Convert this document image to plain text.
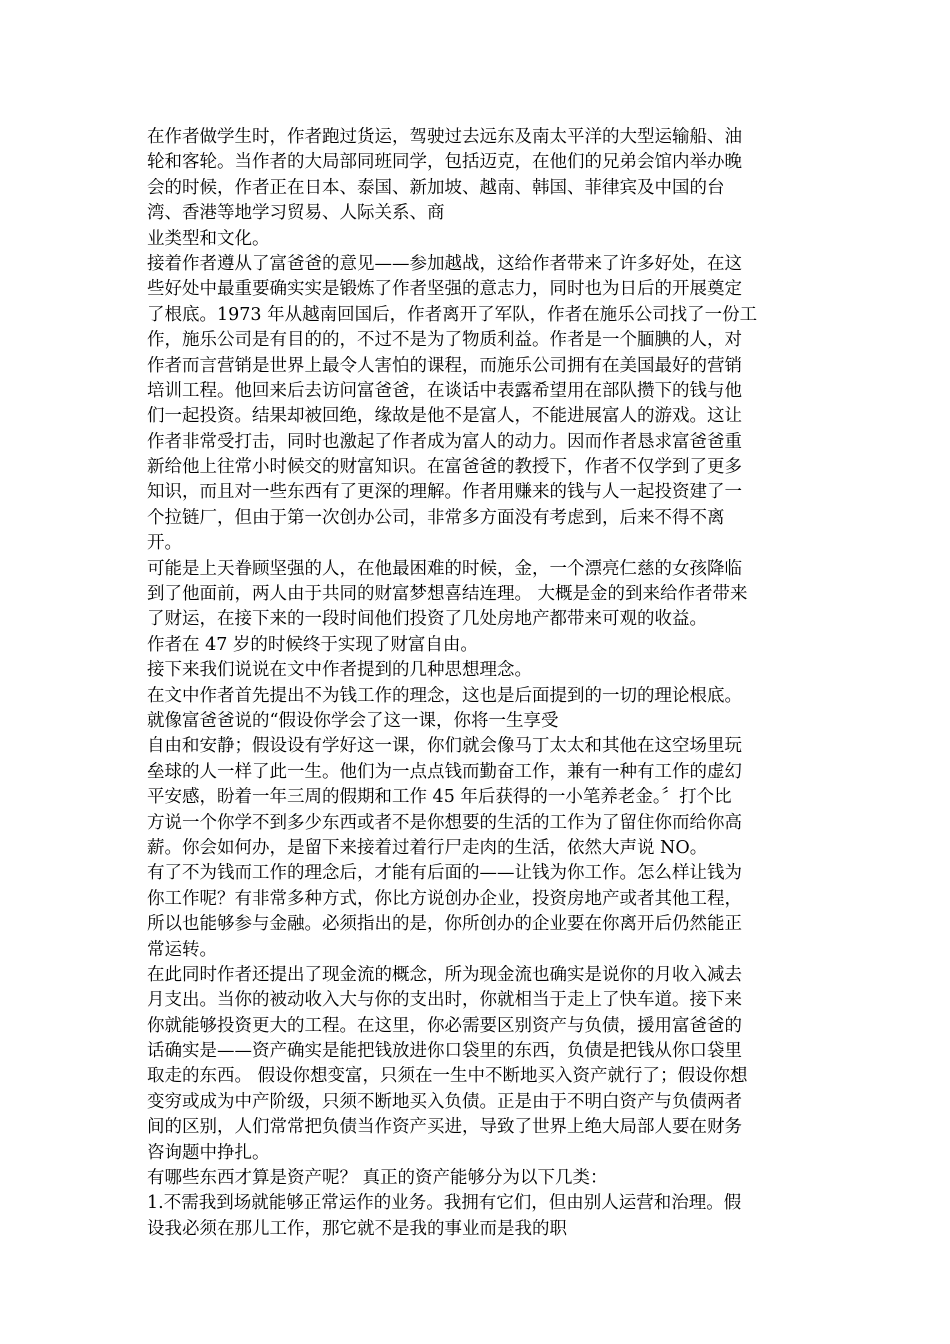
在作者做学生时，作者跑过货运，驾驶过去远东及南太平洋的大型运输船、油
轮和客轮。当作者的大局部同班同学，包括迈克，在他们的兄弟会馆内举办晚
会的时候，作者正在日本、泰国、新加坡、越南、韩国、菲律宾及中国的台
湾、香港等地学习贸易、人际关系、商
业类型和文化。
接着作者遵从了富爸爸的意见——参加越战，这给作者带来了许多好处，在这
些好处中最重要确实实是锻炼了作者坚强的意志力，同时也为日后的开展奠定
了根底。1973 年从越南回国后，作者离开了军队，作者在施乐公司找了一份工
作，施乐公司是有目的的，不过不是为了物质利益。作者是一个腼腆的人，对
作者而言营销是世界上最令人害怕的课程，而施乐公司拥有在美国最好的营销
培训工程。他回来后去访问富爸爸，在谈话中表露希望用在部队攒下的钱与他
们一起投资。结果却被回绝，缘故是他不是富人，不能进展富人的游戏。这让
作者非常受打击，同时也激起了作者成为富人的动力。因而作者恳求富爸爸重
新给他上往常小时候交的财富知识。在富爸爸的教授下，作者不仅学到了更多
知识，而且对一些东西有了更深的理解。作者用赚来的钱与人一起投资建了一
个拉链厂，但由于第一次创办公司，非常多方面没有考虑到，后来不得不离
开。
可能是上天眷顾坚强的人，在他最困难的时候，金，一个漂亮仁慈的女孩降临
到了他面前，两人由于共同的财富梦想喜结连理。 大概是金的到来给作者带来
了财运，在接下来的一段时间他们投资了几处房地产都带来可观的收益。
作者在 47 岁的时候终于实现了财富自由。
接下来我们说说在文中作者提到的几种思想理念。
在文中作者首先提出不为钱工作的理念，这也是后面提到的一切的理论根底。
就像富爸爸说的“假设你学会了这一课，你将一生享受
自由和安静；假设设有学好这一课，你们就会像马丁太太和其他在这空场里玩
垒球的人一样了此一生。他们为一点点钱而勤奋工作，兼有一种有工作的虚幻
平安感，盼着一年三周的假期和工作 45 年后获得的一小笔养老金。〞打个比
方说一个你学不到多少东西或者不是你想要的生活的工作为了留住你而给你高
薪。你会如何办，是留下来接着过着行尸走肉的生活，依然大声说 NO。
有了不为钱而工作的理念后，才能有后面的——让钱为你工作。怎么样让钱为
你工作呢？有非常多种方式，你比方说创办企业，投资房地产或者其他工程，
所以也能够参与金融。必须指出的是，你所创办的企业要在你离开后仍然能正
常运转。
在此同时作者还提出了现金流的概念，所为现金流也确实是说你的月收入减去
月支出。当你的被动收入大与你的支出时，你就相当于走上了快车道。接下来
你就能够投资更大的工程。在这里，你必需要区别资产与负债，援用富爸爸的
话确实是——资产确实是能把钱放进你口袋里的东西，负债是把钱从你口袋里
取走的东西。 假设你想变富，只须在一生中不断地买入资产就行了；假设你想
变穷或成为中产阶级，只须不断地买入负债。正是由于不明白资产与负债两者
间的区别，人们常常把负债当作资产买进，导致了世界上绝大局部人要在财务
咨询题中挣扎。
有哪些东西才算是资产呢？ 真正的资产能够分为以下几类：
1.不需我到场就能够正常运作的业务。我拥有它们，但由别人运营和治理。假
设我必须在那儿工作，那它就不是我的事业而是我的职
